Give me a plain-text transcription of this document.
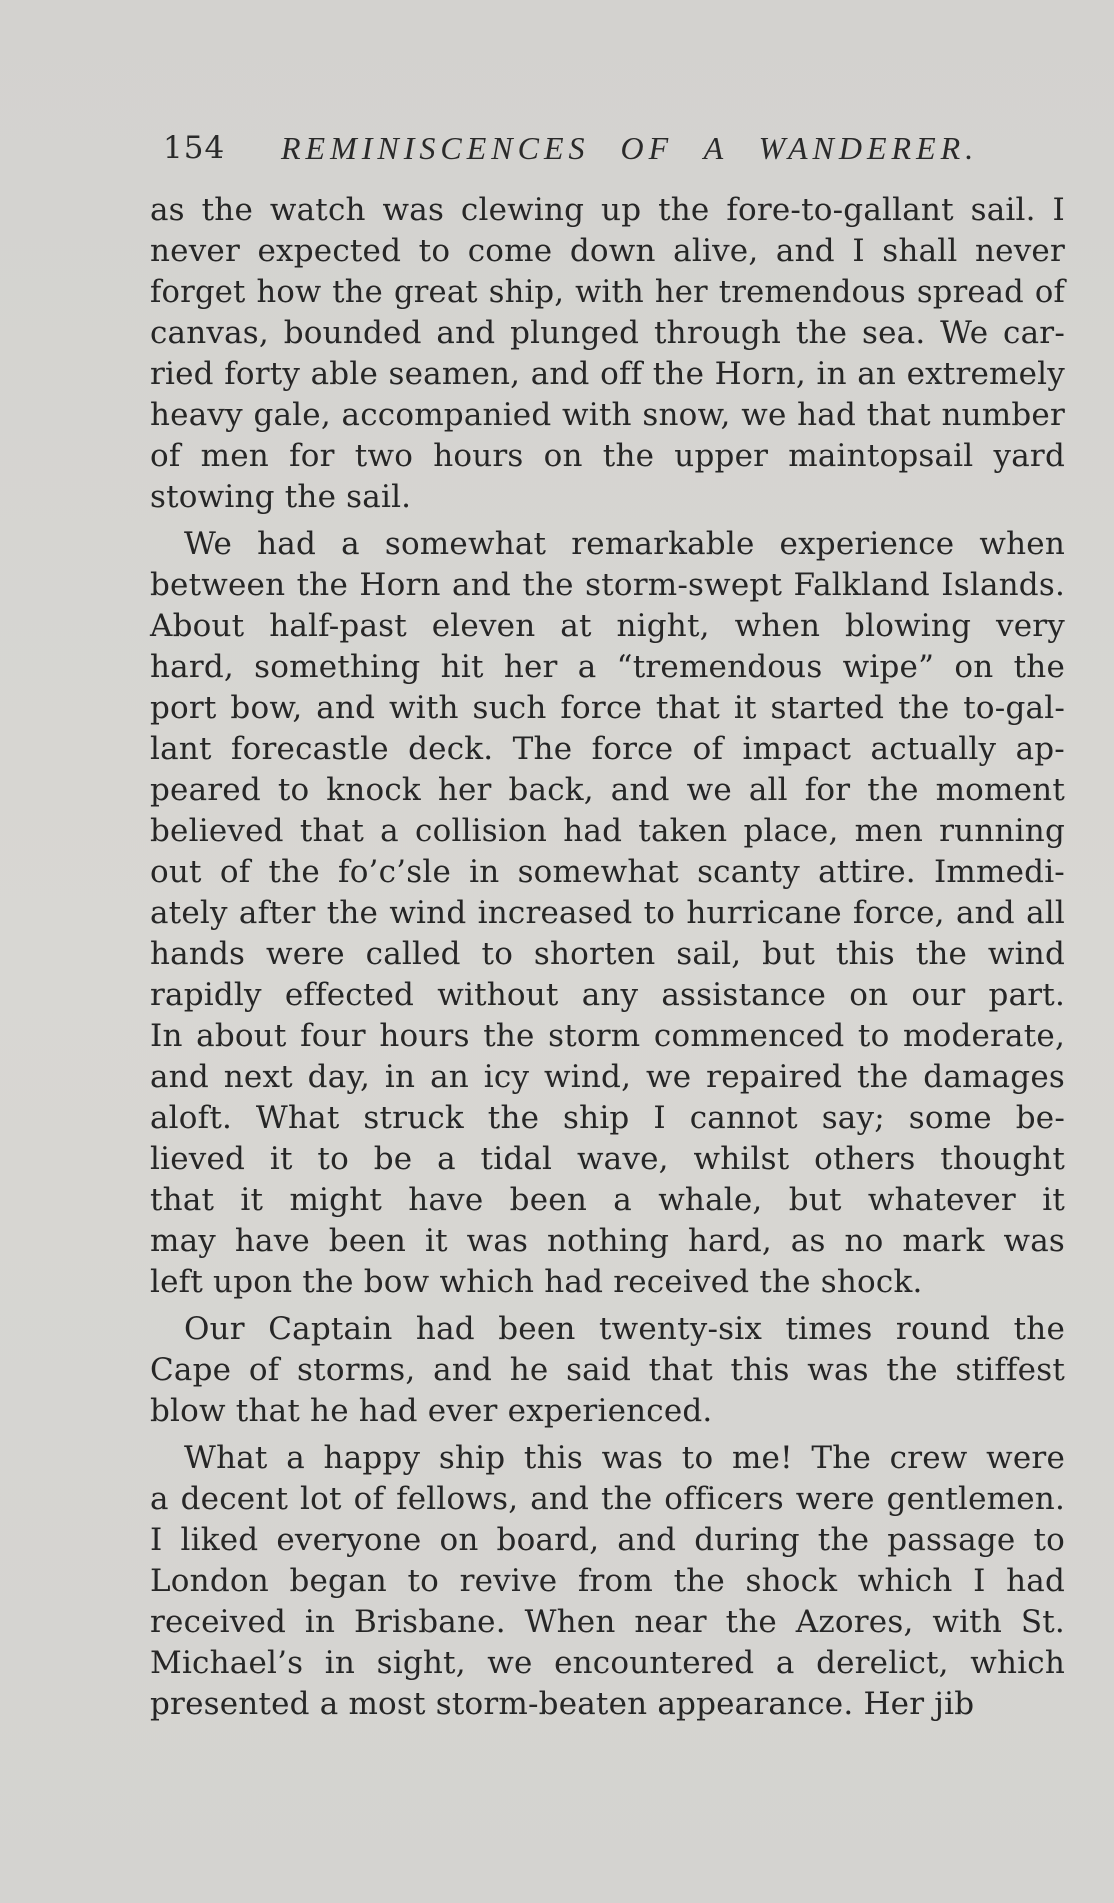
154 REMINISCENCES OF A WANDERER.
as the watch was clewing up the fore-to-gallant sail. I
never expected to come down alive, and I shall never
forget how the great ship, with her tremendous spread of
canvas, bounded and plunged through the sea. We car-
ried forty able seamen, and off the Horn, in an extremely
heavy gale, accompanied with snow, we had that number
of men for two hours on the upper maintopsail yard
stowing the sail.
We had a somewhat remarkable experience when
between the Horn and the storm-swept Falkland Islands.
About half-past eleven at night, when blowing very
hard, something hit her a “tremendous wipe” on the
port bow, and with such force that it started the to-gal-
lant forecastle deck. The force of impact actually ap-
peared to knock her back, and we all for the moment
believed that a collision had taken place, men running
out of the fo’c’sle in somewhat scanty attire. Immedi-
ately after the wind increased to hurricane force, and all
hands were called to shorten sail, but this the wind
rapidly effected without any assistance on our part.
In about four hours the storm commenced to moderate,
and next day, in an icy wind, we repaired the damages
aloft. What struck the ship I cannot say; some be-
lieved it to be a tidal wave, whilst others thought
that it might have been a whale, but whatever it
may have been it was nothing hard, as no mark was
left upon the bow which had received the shock.
Our Captain had been twenty-six times round the
Cape of storms, and he said that this was the stiffest
blow that he had ever experienced.
What a happy ship this was to me! The crew were
a decent lot of fellows, and the officers were gentlemen.
I liked everyone on board, and during the passage to
London began to revive from the shock which I had
received in Brisbane. When near the Azores, with St.
Michael’s in sight, we encountered a derelict, which
presented a most storm-beaten appearance. Her jib
